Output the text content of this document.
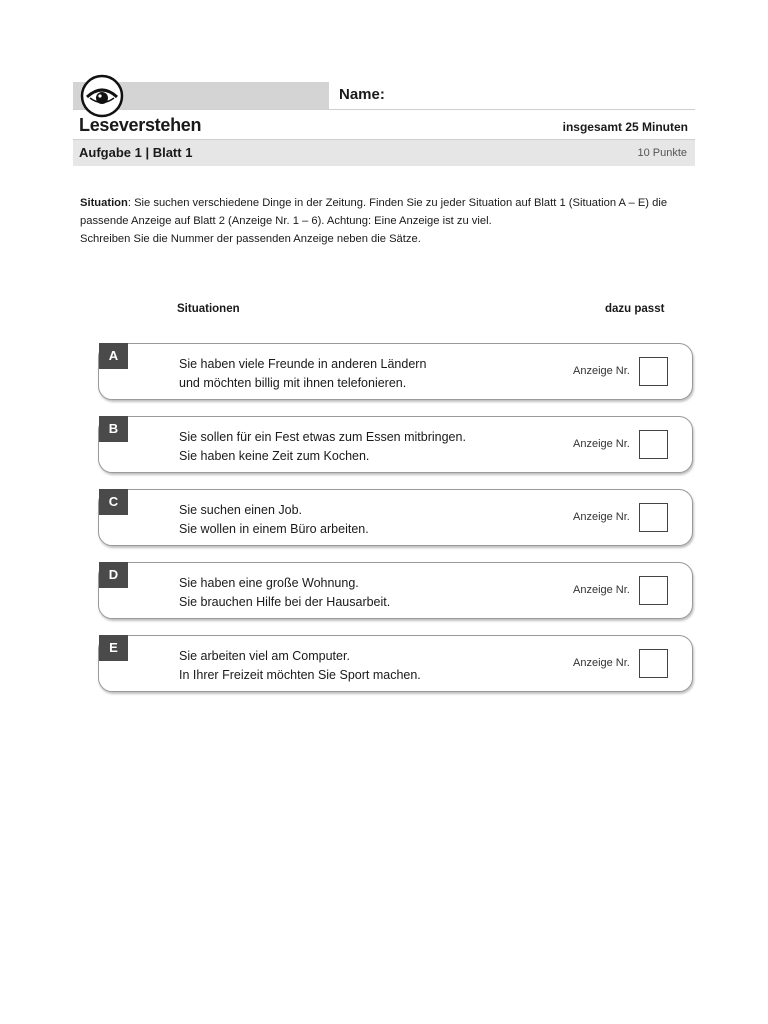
Name:
Leseverstehen	insgesamt 25 Minuten
Aufgabe 1 | Blatt 1	10 Punkte

Situation: Sie suchen verschiedene Dinge in der Zeitung. Finden Sie zu jeder Situation auf Blatt 1 (Situation A – E) die

passende Anzeige auf Blatt 2 (Anzeige Nr. 1 – 6). Achtung: Eine Anzeige ist zu viel.

Schreiben Sie die Nummer der passenden Anzeige neben die Sätze.

Situationen	dazu passt
A
Sie haben viele Freunde in anderen Ländern
und möchten billig mit ihnen telefonieren.
Anzeige Nr.
B
Sie sollen für ein Fest etwas zum Essen mitbringen.
Sie haben keine Zeit zum Kochen.
Anzeige Nr.
C
Sie suchen einen Job.
Sie wollen in einem Büro arbeiten.
Anzeige Nr.
D
Sie haben eine große Wohnung.
Sie brauchen Hilfe bei der Hausarbeit.
Anzeige Nr.
E
Sie arbeiten viel am Computer.
In Ihrer Freizeit möchten Sie Sport machen.
Anzeige Nr.
